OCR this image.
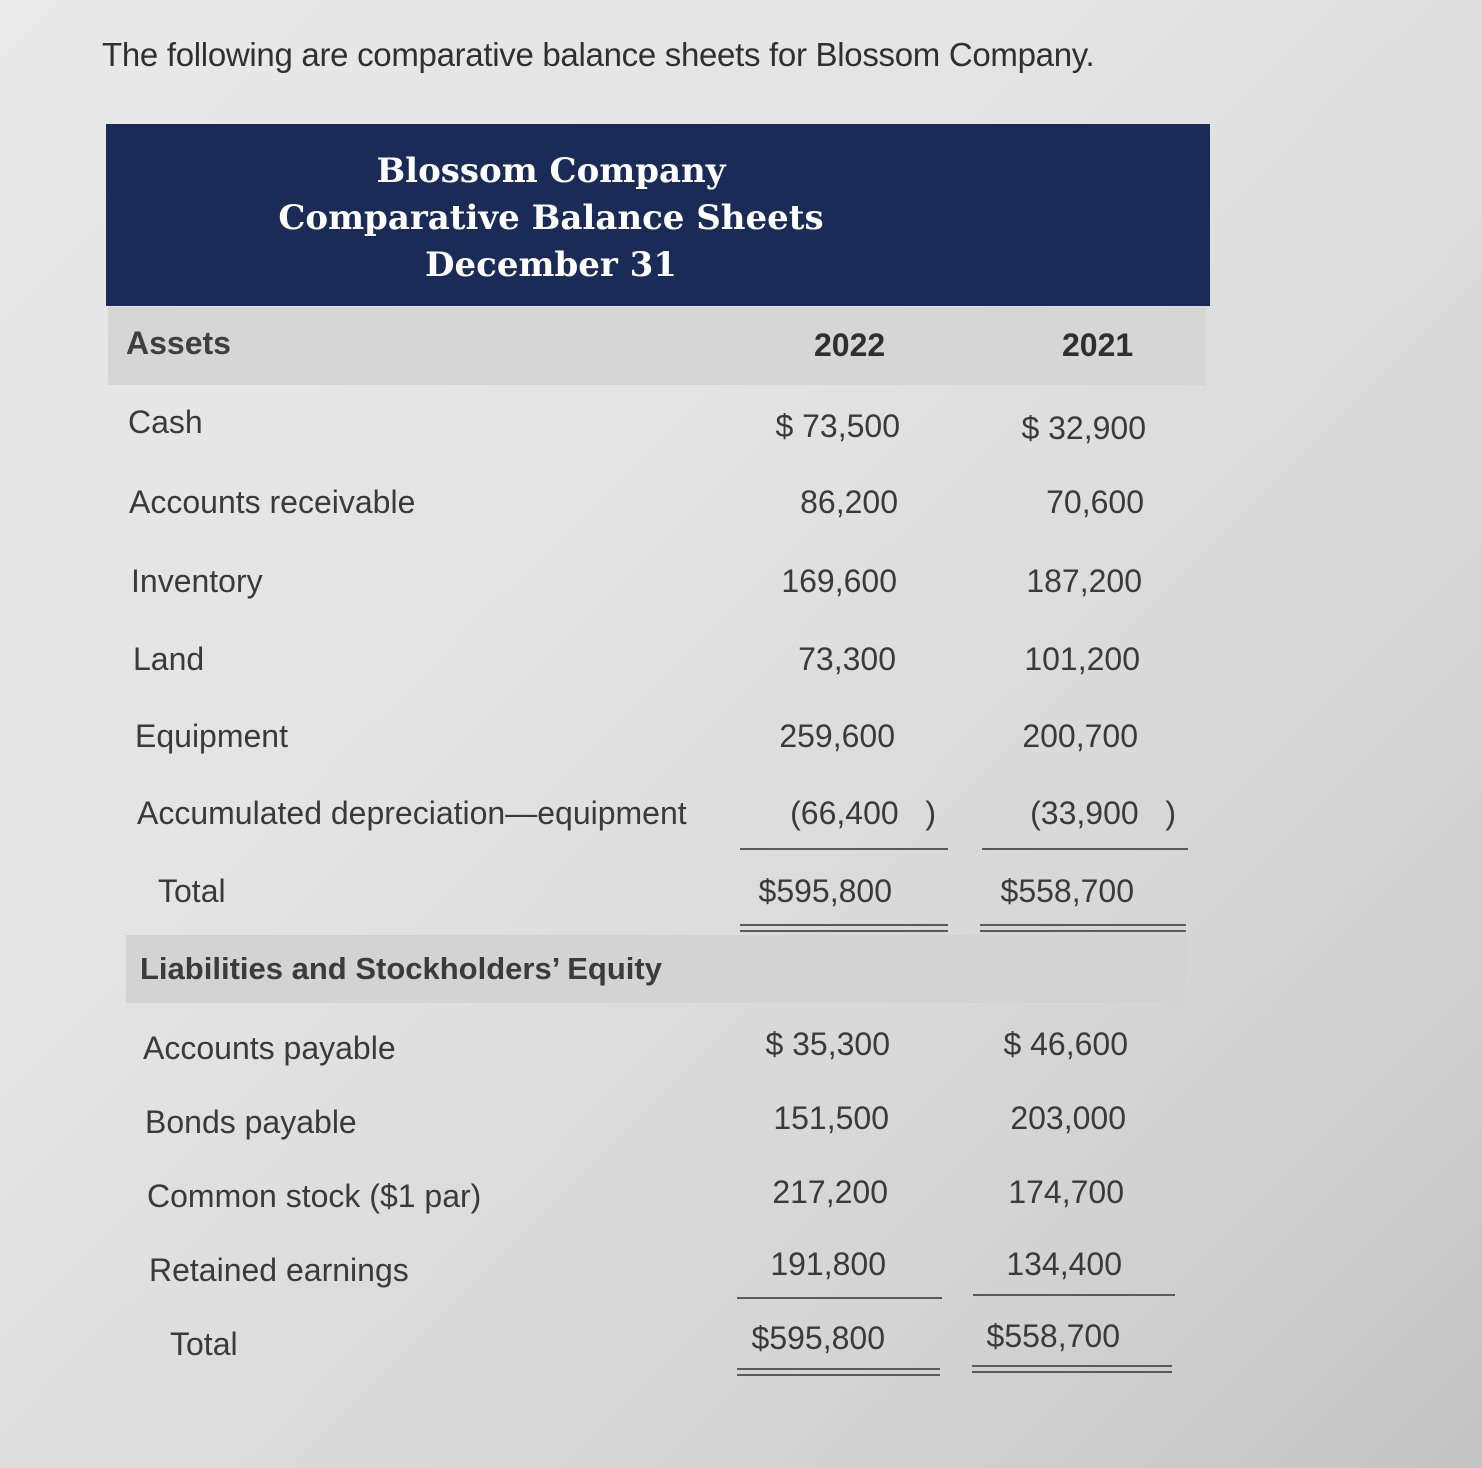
The following are comparative balance sheets for Blossom Company.
Blossom Company
Comparative Balance Sheets
December 31
Assets	2022	2021
Cash	$ 73,500	$ 32,900
Accounts receivable	86,200	70,600
Inventory	169,600	187,200
Land	73,300	101,200
Equipment	259,600	200,700
Accumulated depreciation—equipment	(66,400   )	(33,900   )
Total	$595,800	$558,700
Liabilities and Stockholders’ Equity
Accounts payable	$ 35,300	$ 46,600
Bonds payable	151,500	203,000
Common stock ($1 par)	217,200	174,700
Retained earnings	191,800	134,400
Total	$595,800	$558,700
